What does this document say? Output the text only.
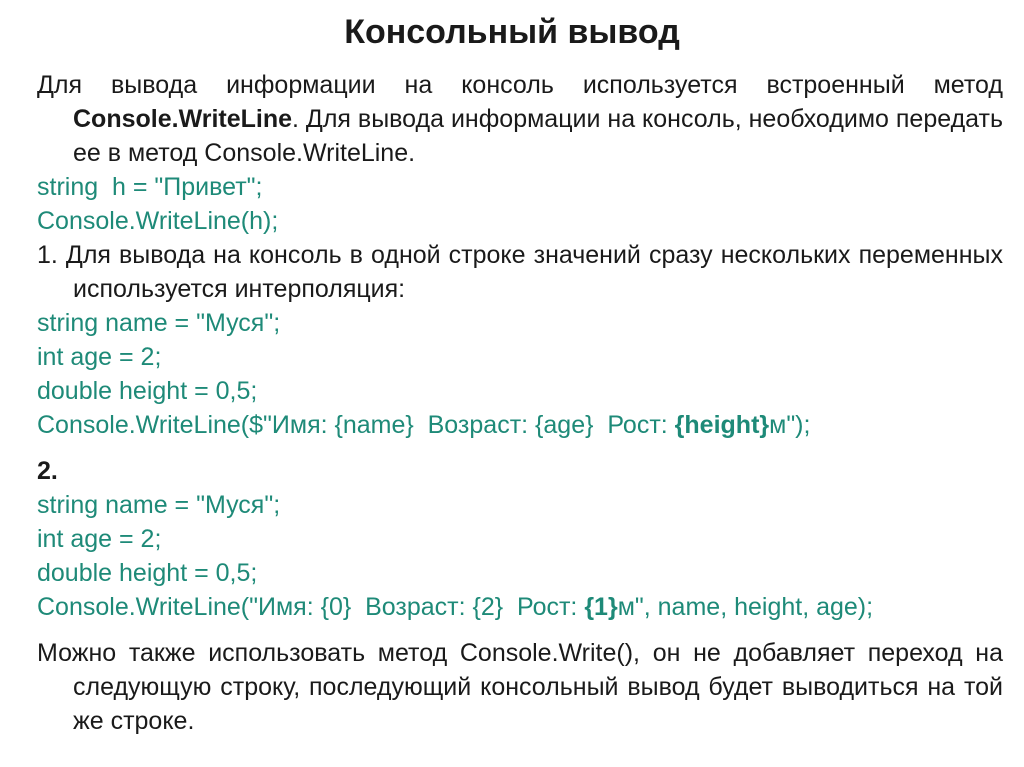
Консольный вывод

Для вывода информации на консоль используется встроенный метод Console.WriteLine. Для вывода информации на консоль, необходимо передать ее в метод Console.WriteLine.

string  h = "Привет";

Console.WriteLine(h);

1. Для вывода на консоль в одной строке значений сразу нескольких переменных используется интерполяция:

string name = "Муся";

int age = 2;

double height = 0,5;

Console.WriteLine($"Имя: {name}  Возраст: {age}  Рост: {height}м");

2.

string name = "Муся";

int age = 2;

double height = 0,5;

Console.WriteLine("Имя: {0}  Возраст: {2}  Рост: {1}м", name, height, age);

Можно также использовать метод Console.Write(), он не добавляет переход на следующую строку, последующий консольный вывод будет выводиться на той же строке.
